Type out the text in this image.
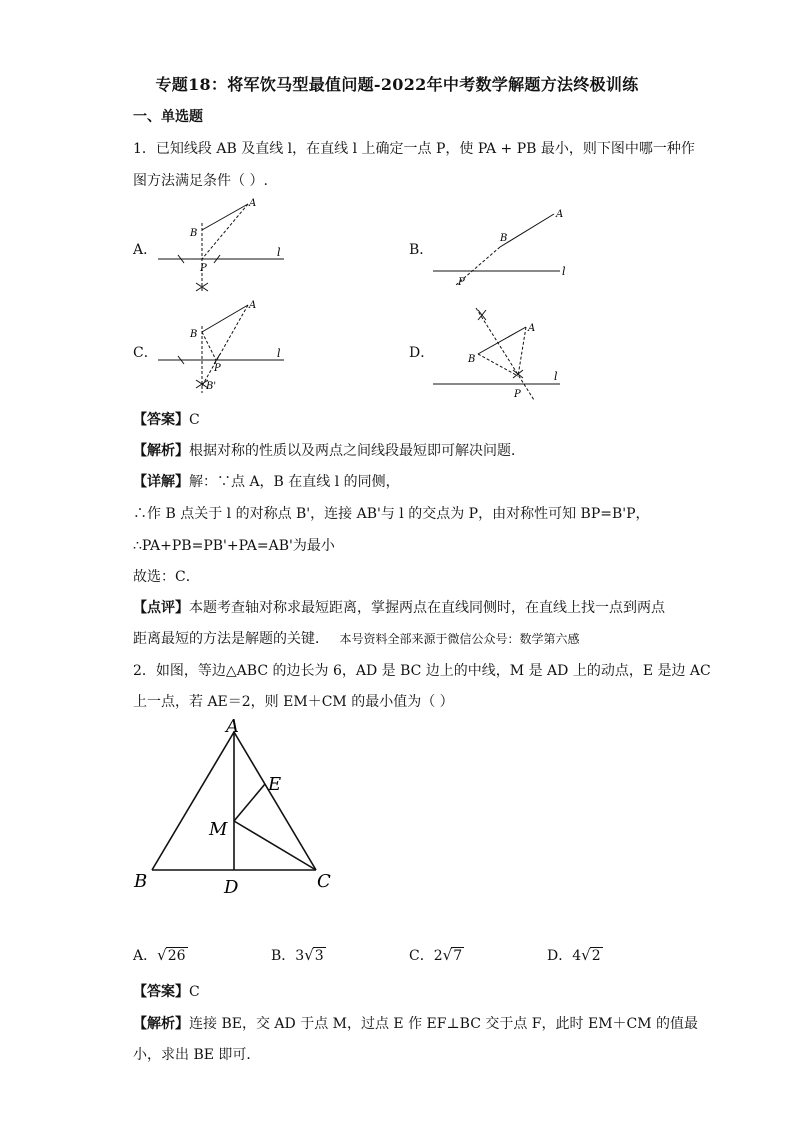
专题18：将军饮马型最值问题-2022年中考数学解题方法终极训练
一、单选题
1．已知线段 AB 及直线 l，在直线 l 上确定一点 P，使 PA + PB 最小，则下图中哪一种作
图方法满足条件（ ）.
A．	B．
C．	D．
A
B
P
l
A
B
P
l
A
B
P
B'
l
A
B
P
l
【答案】C
【解析】根据对称的性质以及两点之间线段最短即可解决问题．
【详解】解：∵点 A，B 在直线 l 的同侧，
∴作 B 点关于 l 的对称点 B'，连接 AB'与 l 的交点为 P，由对称性可知 BP=B'P，
∴PA+PB=PB'+PA=AB'为最小
故选：C．
【点评】本题考查轴对称求最短距离，掌握两点在直线同侧时，在直线上找一点到两点
距离最短的方法是解题的关键． 本号资料全部来源于微信公众号：数学第六感
2．如图，等边△ABC 的边长为 6，AD 是 BC 边上的中线，M 是 AD 上的动点，E 是边 AC
上一点，若 AE＝2，则 EM＋CM 的最小值为（ ）
A
B	C
D
E
M
A．√26	B．3√3	C．2√7	D．4√2
【答案】C
【解析】连接 BE，交 AD 于点 M，过点 E 作 EF⊥BC 交于点 F，此时 EM＋CM 的值最
小，求出 BE 即可．
